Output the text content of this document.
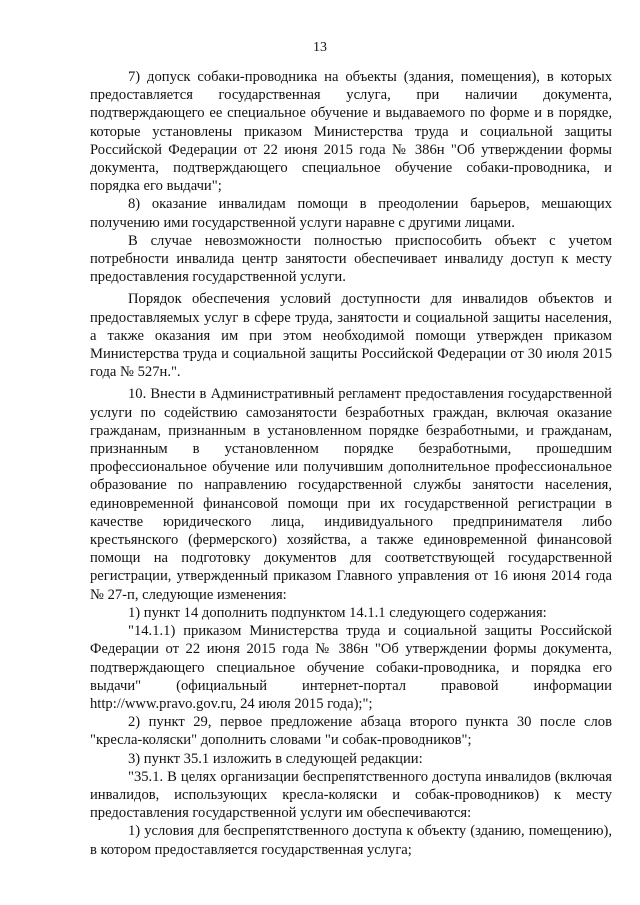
13

7) допуск собаки-проводника на объекты (здания, помещения), в которых предоставляется государственная услуга, при наличии документа, подтверждающего ее специальное обучение и выдаваемого по форме и в порядке, которые установлены приказом Министерства труда и социальной защиты Российской Федерации от 22 июня 2015 года № 386н "Об утверждении формы документа, подтверждающего специальное обучение собаки-проводника, и порядка его выдачи";

8) оказание инвалидам помощи в преодолении барьеров, мешающих получению ими государственной услуги наравне с другими лицами.

В случае невозможности полностью приспособить объект с учетом потребности инвалида центр занятости обеспечивает инвалиду доступ к месту предоставления государственной услуги.

Порядок обеспечения условий доступности для инвалидов объектов и предоставляемых услуг в сфере труда, занятости и социальной защиты населения, а также оказания им при этом необходимой помощи утвержден приказом Министерства труда и социальной защиты Российской Федерации от 30 июля 2015 года № 527н.".

10. Внести в Административный регламент предоставления государственной услуги по содействию самозанятости безработных граждан, включая оказание гражданам, признанным в установленном порядке безработными, и гражданам, признанным в установленном порядке безработными, прошедшим профессиональное обучение или получившим дополнительное профессиональное образование по направлению государственной службы занятости населения, единовременной финансовой помощи при их государственной регистрации в качестве юридического лица, индивидуального предпринимателя либо крестьянского (фермерского) хозяйства, а также единовременной финансовой помощи на подготовку документов для соответствующей государственной регистрации, утвержденный приказом Главного управления от 16 июня 2014 года № 27-п, следующие изменения:

1) пункт 14 дополнить подпунктом 14.1.1 следующего содержания:

"14.1.1) приказом Министерства труда и социальной защиты Российской Федерации от 22 июня 2015 года № 386н "Об утверждении формы документа, подтверждающего специальное обучение собаки-проводника, и порядка его выдачи" (официальный интернет-портал правовой информации http://www.pravo.gov.ru, 24 июля 2015 года);";

2) пункт 29, первое предложение абзаца второго пункта 30 после слов "кресла-коляски" дополнить словами "и собак-проводников";

3) пункт 35.1 изложить в следующей редакции:

"35.1. В целях организации беспрепятственного доступа инвалидов (включая инвалидов, использующих кресла-коляски и собак-проводников) к месту предоставления государственной услуги им обеспечиваются:

1) условия для беспрепятственного доступа к объекту (зданию, помещению), в котором предоставляется государственная услуга;
